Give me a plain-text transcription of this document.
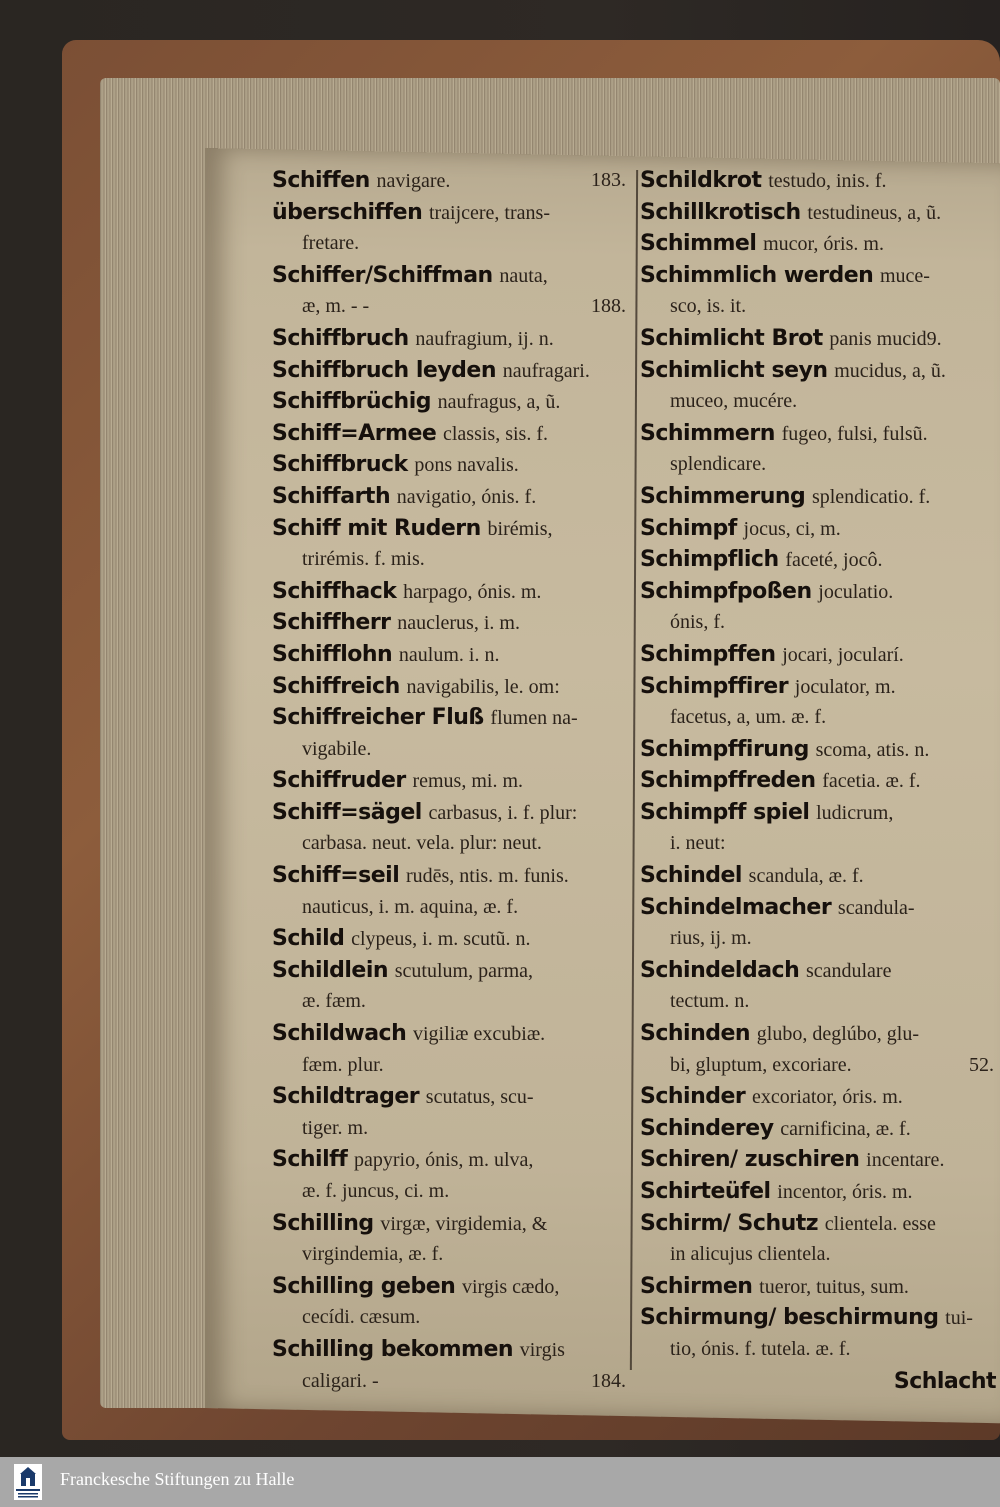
Schiffen navigare.	183.
überschiffen traijcere, trans-
fretare.
Schiffer/Schiffman nauta,
æ, m. - -	188.
Schiffbruch naufragium, ij. n.
Schiffbruch leyden naufragari.
Schiffbrüchig naufragus, a, ũ.
Schiff=Armee classis, sis. f.
Schiffbruck pons navalis.
Schiffarth navigatio, ónis. f.
Schiff mit Rudern birémis,
trirémis. f. mis.
Schiffhack harpago, ónis. m.
Schiffherr nauclerus, i. m.
Schifflohn naulum. i. n.
Schiffreich navigabilis, le. om:
Schiffreicher Fluß flumen na-
vigabile.
Schiffruder remus, mi. m.
Schiff=sägel carbasus, i. f. plur:
carbasa. neut. vela. plur: neut.
Schiff=seil rudēs, ntis. m. funis.
nauticus, i. m. aquina, æ. f.
Schild clypeus, i. m. scutũ. n.
Schildlein scutulum, parma,
æ. fæm.
Schildwach vigiliæ excubiæ.
fæm. plur.
Schildtrager scutatus, scu-
tiger. m.
Schilff papyrio, ónis, m. ulva,
æ. f. juncus, ci. m.
Schilling virgæ, virgidemia, &
virgindemia, æ. f.
Schilling geben virgis cædo,
cecídi. cæsum.
Schilling bekommen virgis
caligari. -	184.
Schildkrot testudo, inis. f.
Schillkrotisch testudineus, a, ũ.
Schimmel mucor, óris. m.
Schimmlich werden muce-
sco, is. it.
Schimlicht Brot panis mucid9.
Schimlicht seyn mucidus, a, ũ.
muceo, mucére.
Schimmern fugeo, fulsi, fulsũ.
splendicare.
Schimmerung splendicatio. f.
Schimpf jocus, ci, m.
Schimpflich faceté, jocô.
Schimpfpoßen joculatio.
ónis, f.
Schimpffen jocari, jocularí.
Schimpffirer joculator, m.
facetus, a, um. æ. f.
Schimpffirung scoma, atis. n.
Schimpffreden facetia. æ. f.
Schimpff spiel ludicrum,
i. neut:
Schindel scandula, æ. f.
Schindelmacher scandula-
rius, ij. m.
Schindeldach scandulare
tectum. n.
Schinden glubo, deglúbo, glu-
bi, gluptum, excoriare.	52.
Schinder excoriator, óris. m.
Schinderey carnificina, æ. f.
Schiren/ zuschiren incentare.
Schirteüfel incentor, óris. m.
Schirm/ Schutz clientela. esse
in alicujus clientela.
Schirmen tueror, tuitus, sum.
Schirmung/ beschirmung tui-
tio, ónis. f. tutela. æ. f.
Schlacht
Franckesche Stiftungen zu Halle
